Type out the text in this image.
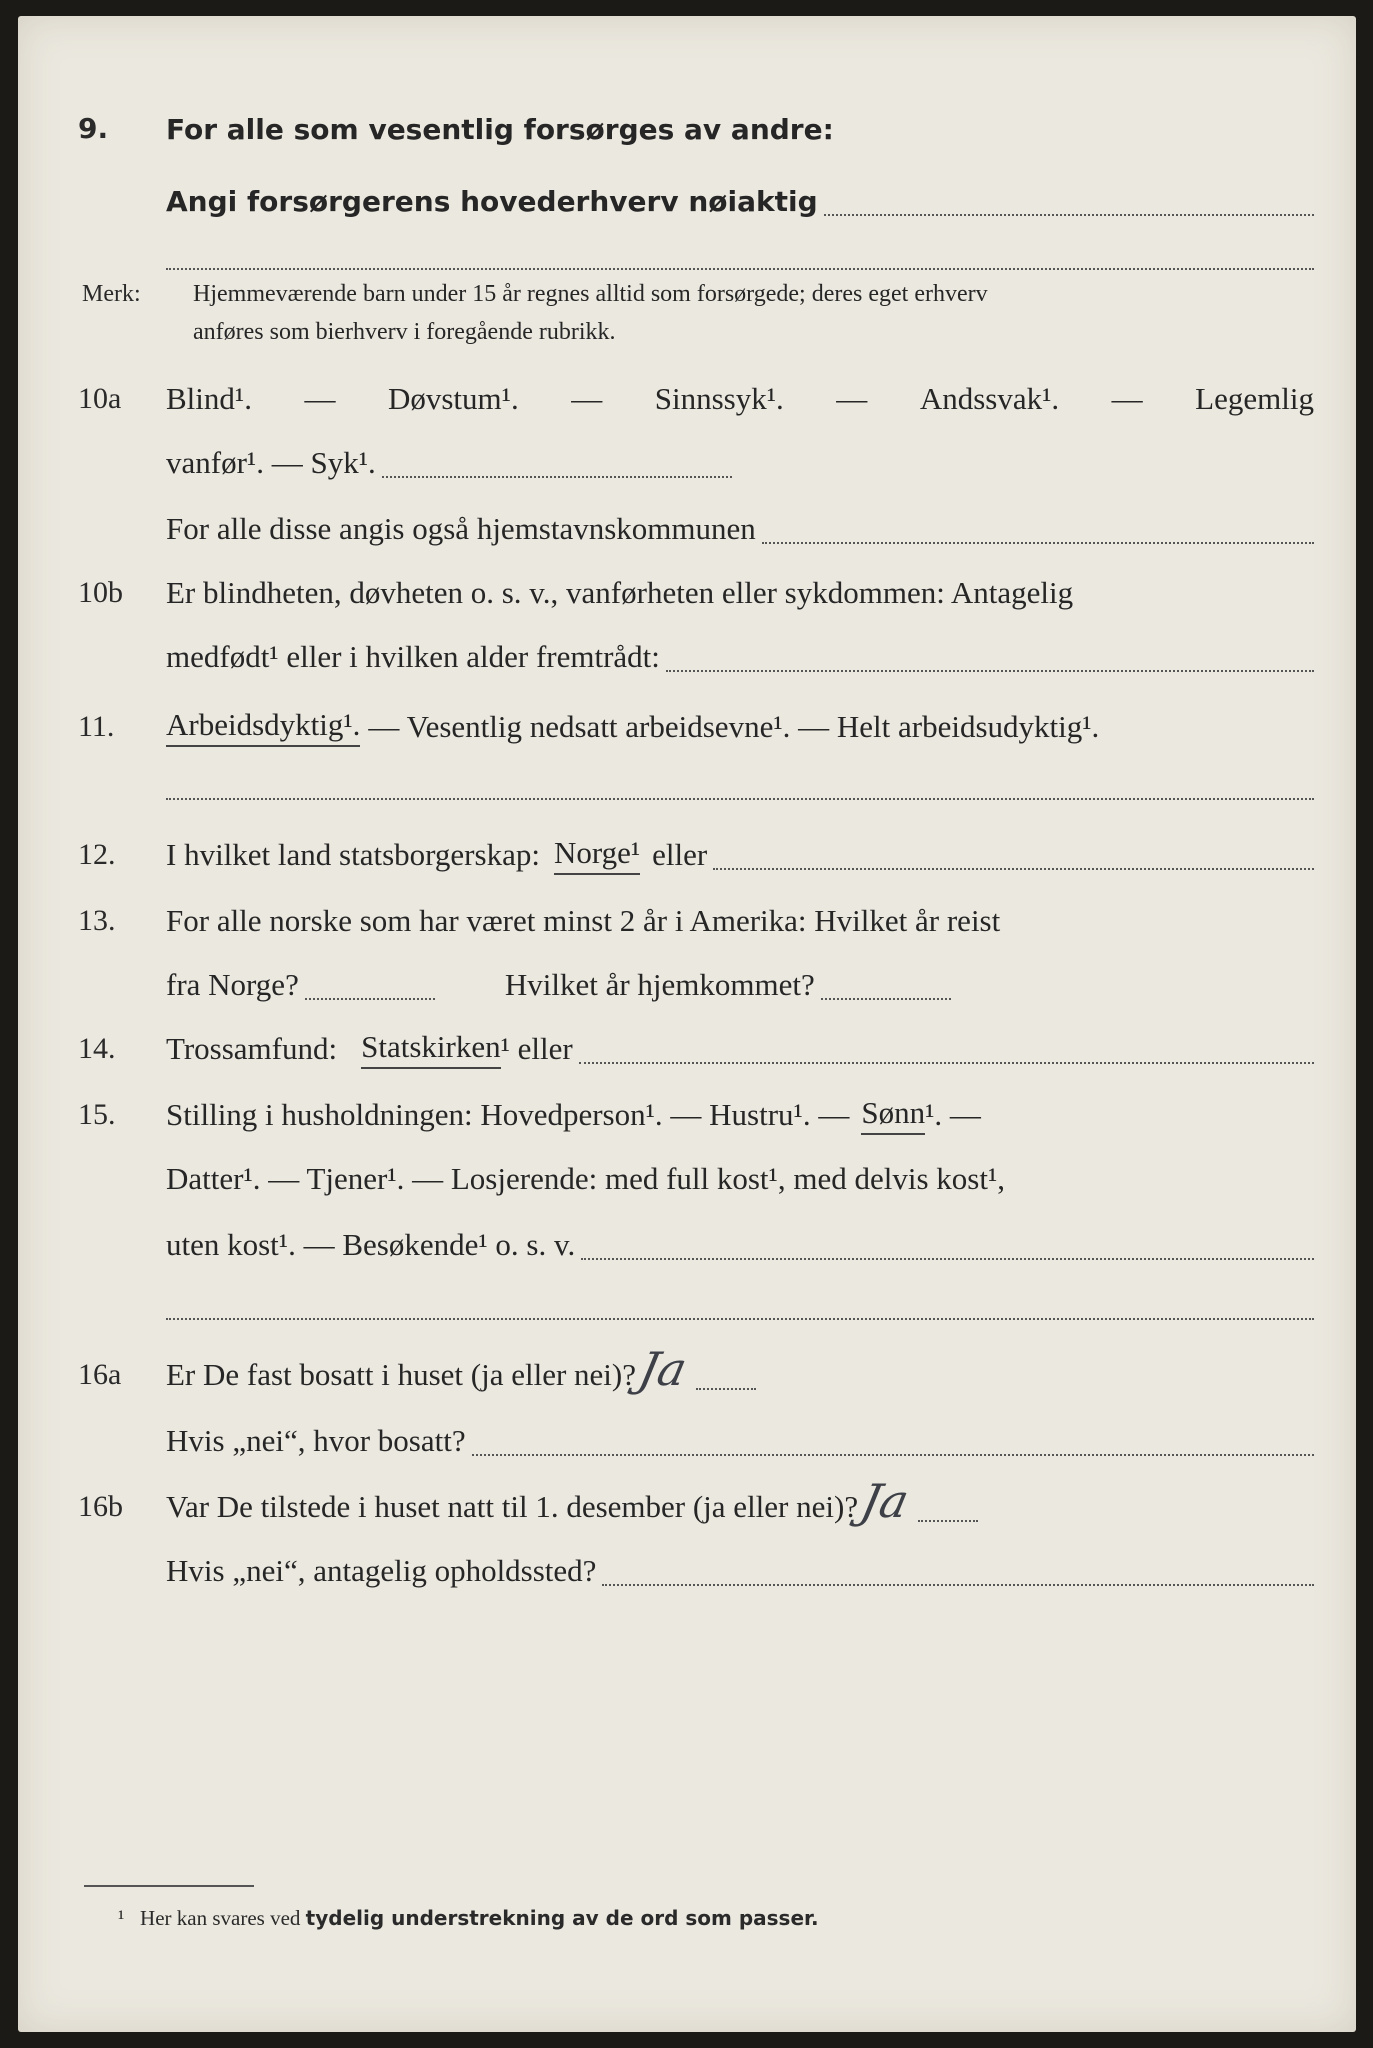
9. For alle som vesentlig forsørges av andre:
Angi forsørgerens hovederhverv nøiaktig
Merk: Hjemmeværende barn under 15 år regnes alltid som forsørgede; deres eget erhverv
anføres som bierhverv i foregående rubrikk.
10a Blind¹. — Døvstum¹. — Sinnssyk¹. — Andssvak¹. — Legemlig
vanfør¹. — Syk¹.
For alle disse angis også hjemstavnskommunen
10b Er blindheten, døvheten o. s. v., vanførheten eller sykdommen: Antagelig
medfødt¹ eller i hvilken alder fremtrådt:
11. Arbeidsdyktig¹. — Vesentlig nedsatt arbeidsevne¹. — Helt arbeidsudyktig¹.
12. I hvilket land statsborgerskap: Norge¹ eller
13. For alle norske som har været minst 2 år i Amerika: Hvilket år reist
fra Norge?	Hvilket år hjemkommet?
14. Trossamfund: Statskirken ¹ eller
15. Stilling i husholdningen: Hovedperson¹. — Hustru¹. — Sønn ¹. —
Datter¹. — Tjener¹. — Losjerende: med full kost¹, med delvis kost¹,
uten kost¹. — Besøkende¹ o. s. v.
16a Er De fast bosatt i huset (ja eller nei)?
Ja
Hvis „nei“, hvor bosatt?
16b Var De tilstede i huset natt til 1. desember (ja eller nei)?
Ja
Hvis „nei“, antagelig opholdssted?
¹ Her kan svares ved tydelig understrekning av de ord som passer.
